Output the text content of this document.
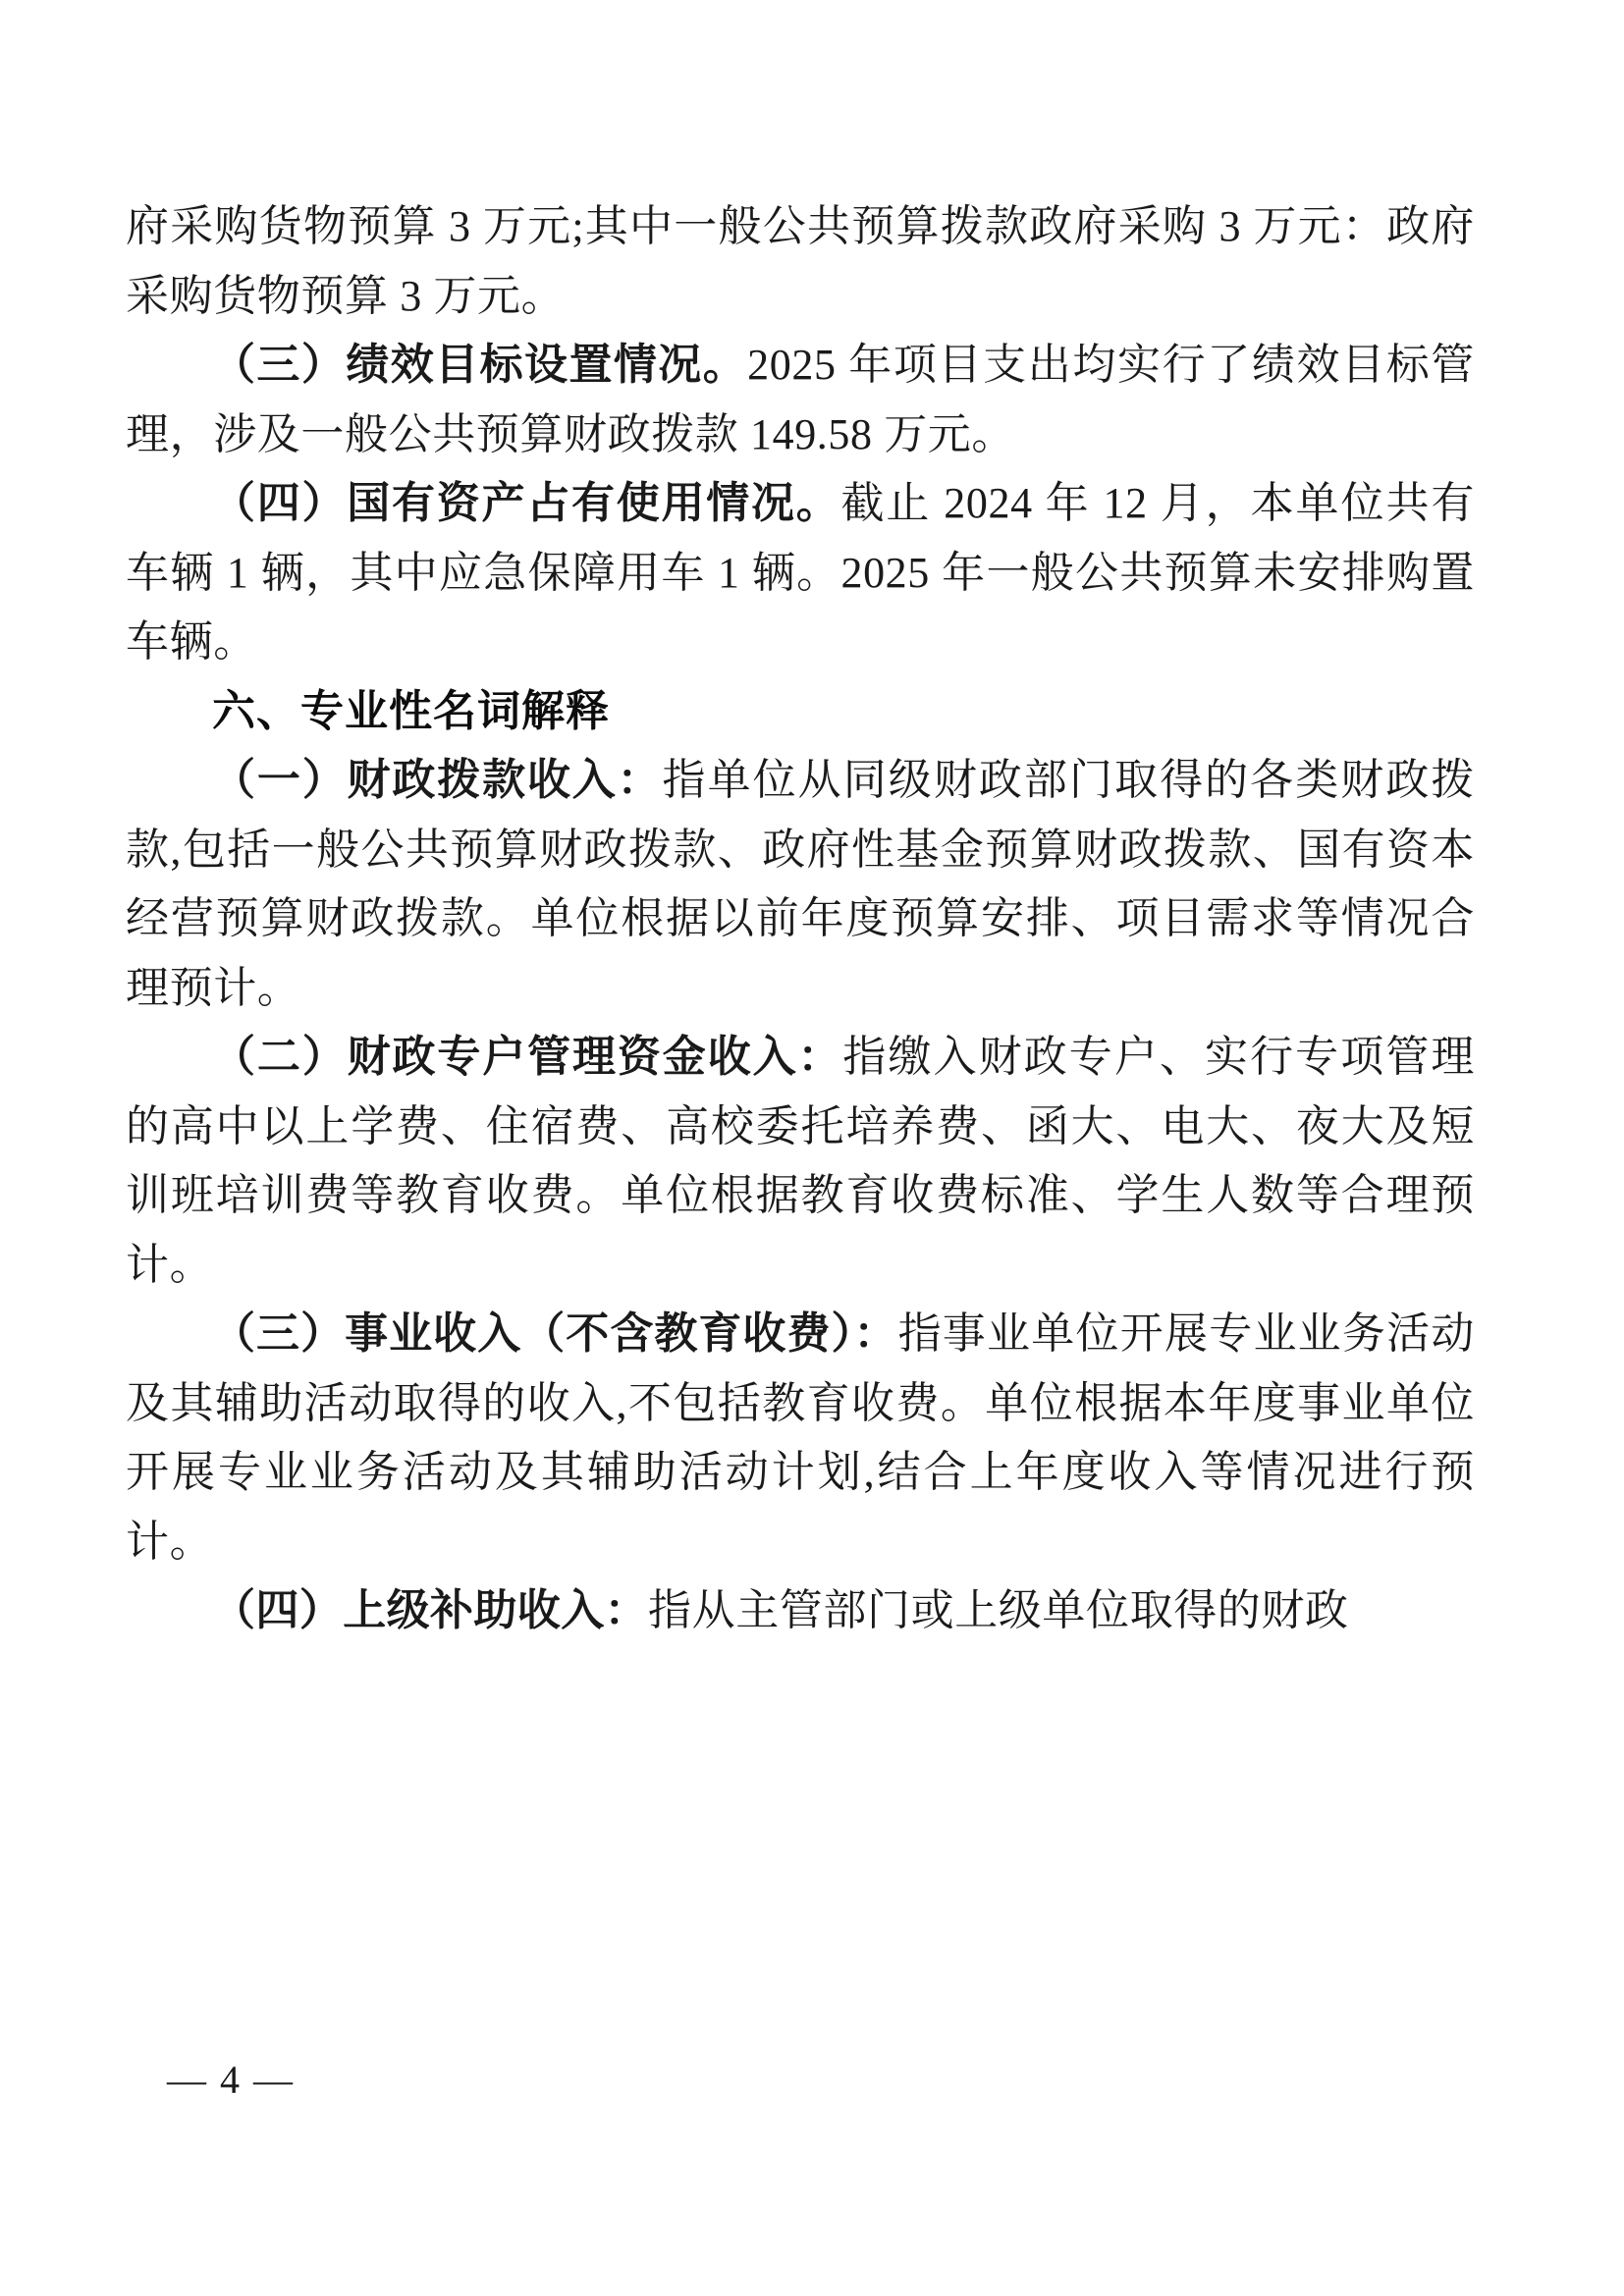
府采购货物预算 3 万元;其中一般公共预算拨款政府采购 3 万元：政府采购货物预算 3 万元。

（三）绩效目标设置情况。2025 年项目支出均实行了绩效目标管理，涉及一般公共预算财政拨款 149.58 万元。

（四）国有资产占有使用情况。截止 2024 年 12 月，本单位共有车辆 1 辆，其中应急保障用车 1 辆。2025 年一般公共预算未安排购置车辆。

六、专业性名词解释

（一）财政拨款收入：指单位从同级财政部门取得的各类财政拨款,包括一般公共预算财政拨款、政府性基金预算财政拨款、国有资本经营预算财政拨款。单位根据以前年度预算安排、项目需求等情况合理预计。

（二）财政专户管理资金收入：指缴入财政专户、实行专项管理的高中以上学费、住宿费、高校委托培养费、函大、电大、夜大及短训班培训费等教育收费。单位根据教育收费标准、学生人数等合理预计。

（三）事业收入（不含教育收费）：指事业单位开展专业业务活动及其辅助活动取得的收入,不包括教育收费。单位根据本年度事业单位开展专业业务活动及其辅助活动计划,结合上年度收入等情况进行预计。

（四）上级补助收入：指从主管部门或上级单位取得的财政

— 4 —
